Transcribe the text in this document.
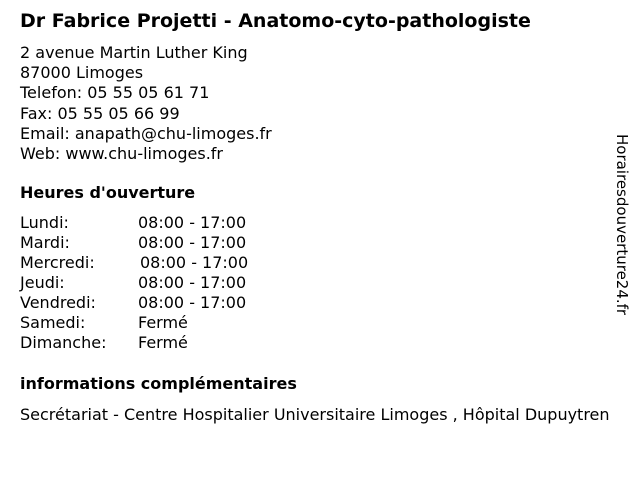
Dr Fabrice Projetti - Anatomo-cyto-pathologiste
2 avenue Martin Luther King
87000 Limoges
Telefon: 05 55 05 61 71
Fax: 05 55 05 66 99
Email: anapath@chu-limoges.fr
Web: www.chu-limoges.fr
Heures d'ouverture
Lundi:	08:00 - 17:00
Mardi:	08:00 - 17:00
Mercredi:	08:00 - 17:00
Jeudi:	08:00 - 17:00
Vendredi:	08:00 - 17:00
Samedi:	Fermé
Dimanche: Fermé
informations complémentaires
Secrétariat - Centre Hospitalier Universitaire Limoges , Hôpital Dupuytren
Horairesdouverture24.fr
